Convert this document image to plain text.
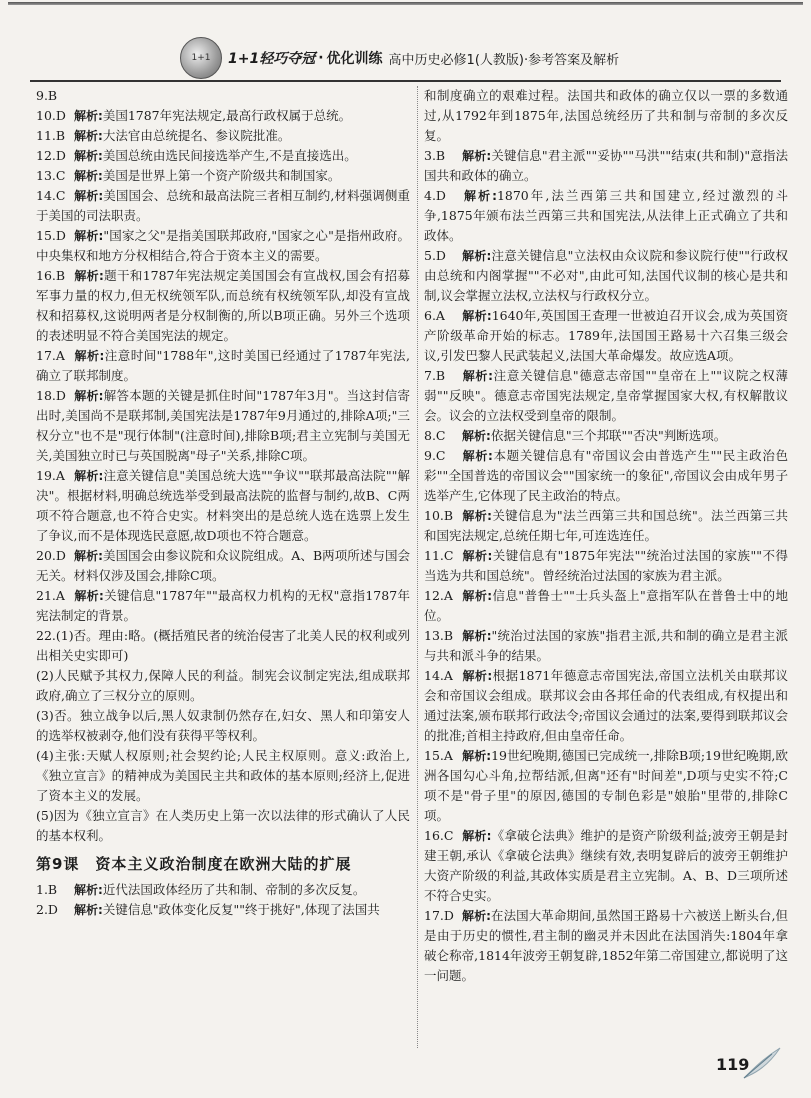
1+1 1+1轻巧夺冠 · 优化训练 高中历史必修1(人教版)·参考答案及解析

9.B

10.D 解析:美国1787年宪法规定,最高行政权属于总统。

11.B 解析:大法官由总统提名、参议院批准。

12.D 解析:美国总统由选民间接选举产生,不是直接选出。

13.C 解析:美国是世界上第一个资产阶级共和制国家。

14.C 解析:美国国会、总统和最高法院三者相互制约,材料强调侧重于美国的司法职责。

15.D 解析:"国家之父"是指美国联邦政府,"国家之心"是指州政府。中央集权和地方分权相结合,符合于资本主义的需要。

16.B 解析:题干和1787年宪法规定美国国会有宣战权,国会有招募军事力量的权力,但无权统领军队,而总统有权统领军队,却没有宣战权和招募权,这说明两者是分权制衡的,所以B项正确。另外三个选项的表述明显不符合美国宪法的规定。

17.A 解析:注意时间"1788年",这时美国已经通过了1787年宪法,确立了联邦制度。

18.D 解析:解答本题的关键是抓住时间"1787年3月"。当这封信寄出时,美国尚不是联邦制,美国宪法是1787年9月通过的,排除A项;"三权分立"也不是"现行体制"(注意时间),排除B项;君主立宪制与美国无关,美国独立时已与英国脱离"母子"关系,排除C项。

19.A 解析:注意关键信息"美国总统大选""争议""联邦最高法院""解决"。根据材料,明确总统选举受到最高法院的监督与制约,故B、C两项不符合题意,也不符合史实。材料突出的是总统人选在选票上发生了争议,而不是体现选民意愿,故D项也不符合题意。

20.D 解析:美国国会由参议院和众议院组成。A、B两项所述与国会无关。材料仅涉及国会,排除C项。

21.A 解析:关键信息"1787年""最高权力机构的无权"意指1787年宪法制定的背景。

22.(1)否。理由:略。(概括殖民者的统治侵害了北美人民的权利或列出相关史实即可)

(2)人民赋予其权力,保障人民的利益。制宪会议制定宪法,组成联邦政府,确立了三权分立的原则。

(3)否。独立战争以后,黑人奴隶制仍然存在,妇女、黑人和印第安人的选举权被剥夺,他们没有获得平等权利。

(4)主张:天赋人权原则;社会契约论;人民主权原则。意义:政治上,《独立宣言》的精神成为美国民主共和政体的基本原则;经济上,促进了资本主义的发展。

(5)因为《独立宣言》在人类历史上第一次以法律的形式确认了人民的基本权利。

第9课　资本主义政治制度在欧洲大陆的扩展

1.B 解析:近代法国政体经历了共和制、帝制的多次反复。

2.D 解析:关键信息"政体变化反复""终于挑好",体现了法国共

和制度确立的艰难过程。法国共和政体的确立仅以一票的多数通过,从1792年到1875年,法国总统经历了共和制与帝制的多次反复。

3.B 解析:关键信息"君主派""妥协""马洪""结束(共和制)"意指法国共和政体的确立。

4.D 解析:1870年,法兰西第三共和国建立,经过激烈的斗争,1875年颁布法兰西第三共和国宪法,从法律上正式确立了共和政体。

5.D 解析:注意关键信息"立法权由众议院和参议院行使""行政权由总统和内阁掌握""不必对",由此可知,法国代议制的核心是共和制,议会掌握立法权,立法权与行政权分立。

6.A 解析:1640年,英国国王查理一世被迫召开议会,成为英国资产阶级革命开始的标志。1789年,法国国王路易十六召集三级会议,引发巴黎人民武装起义,法国大革命爆发。故应选A项。

7.B 解析:注意关键信息"德意志帝国""皇帝在上""议院之权薄弱""反映"。德意志帝国宪法规定,皇帝掌握国家大权,有权解散议会。议会的立法权受到皇帝的限制。

8.C 解析:依据关键信息"三个邦联""否决"判断选项。

9.C 解析:本题关键信息有"帝国议会由普选产生""民主政治色彩""全国普选的帝国议会""国家统一的象征",帝国议会由成年男子选举产生,它体现了民主政治的特点。

10.B 解析:关键信息为"法兰西第三共和国总统"。法兰西第三共和国宪法规定,总统任期七年,可连选连任。

11.C 解析:关键信息有"1875年宪法""统治过法国的家族""不得当选为共和国总统"。曾经统治过法国的家族为君主派。

12.A 解析:信息"普鲁士""士兵头盔上"意指军队在普鲁士中的地位。

13.B 解析:"统治过法国的家族"指君主派,共和制的确立是君主派与共和派斗争的结果。

14.A 解析:根据1871年德意志帝国宪法,帝国立法机关由联邦议会和帝国议会组成。联邦议会由各邦任命的代表组成,有权提出和通过法案,颁布联邦行政法令;帝国议会通过的法案,要得到联邦议会的批准;首相主持政府,但由皇帝任命。

15.A 解析:19世纪晚期,德国已完成统一,排除B项;19世纪晚期,欧洲各国勾心斗角,拉帮结派,但离"还有"时间差",D项与史实不符;C项不是"骨子里"的原因,德国的专制色彩是"娘胎"里带的,排除C项。

16.C 解析:《拿破仑法典》维护的是资产阶级利益;波旁王朝是封建王朝,承认《拿破仑法典》继续有效,表明复辟后的波旁王朝维护大资产阶级的利益,其政体实质是君主立宪制。A、B、D三项所述不符合史实。

17.D 解析:在法国大革命期间,虽然国王路易十六被送上断头台,但是由于历史的惯性,君主制的幽灵并未因此在法国消失:1804年拿破仑称帝,1814年波旁王朝复辟,1852年第二帝国建立,都说明了这一问题。

119
